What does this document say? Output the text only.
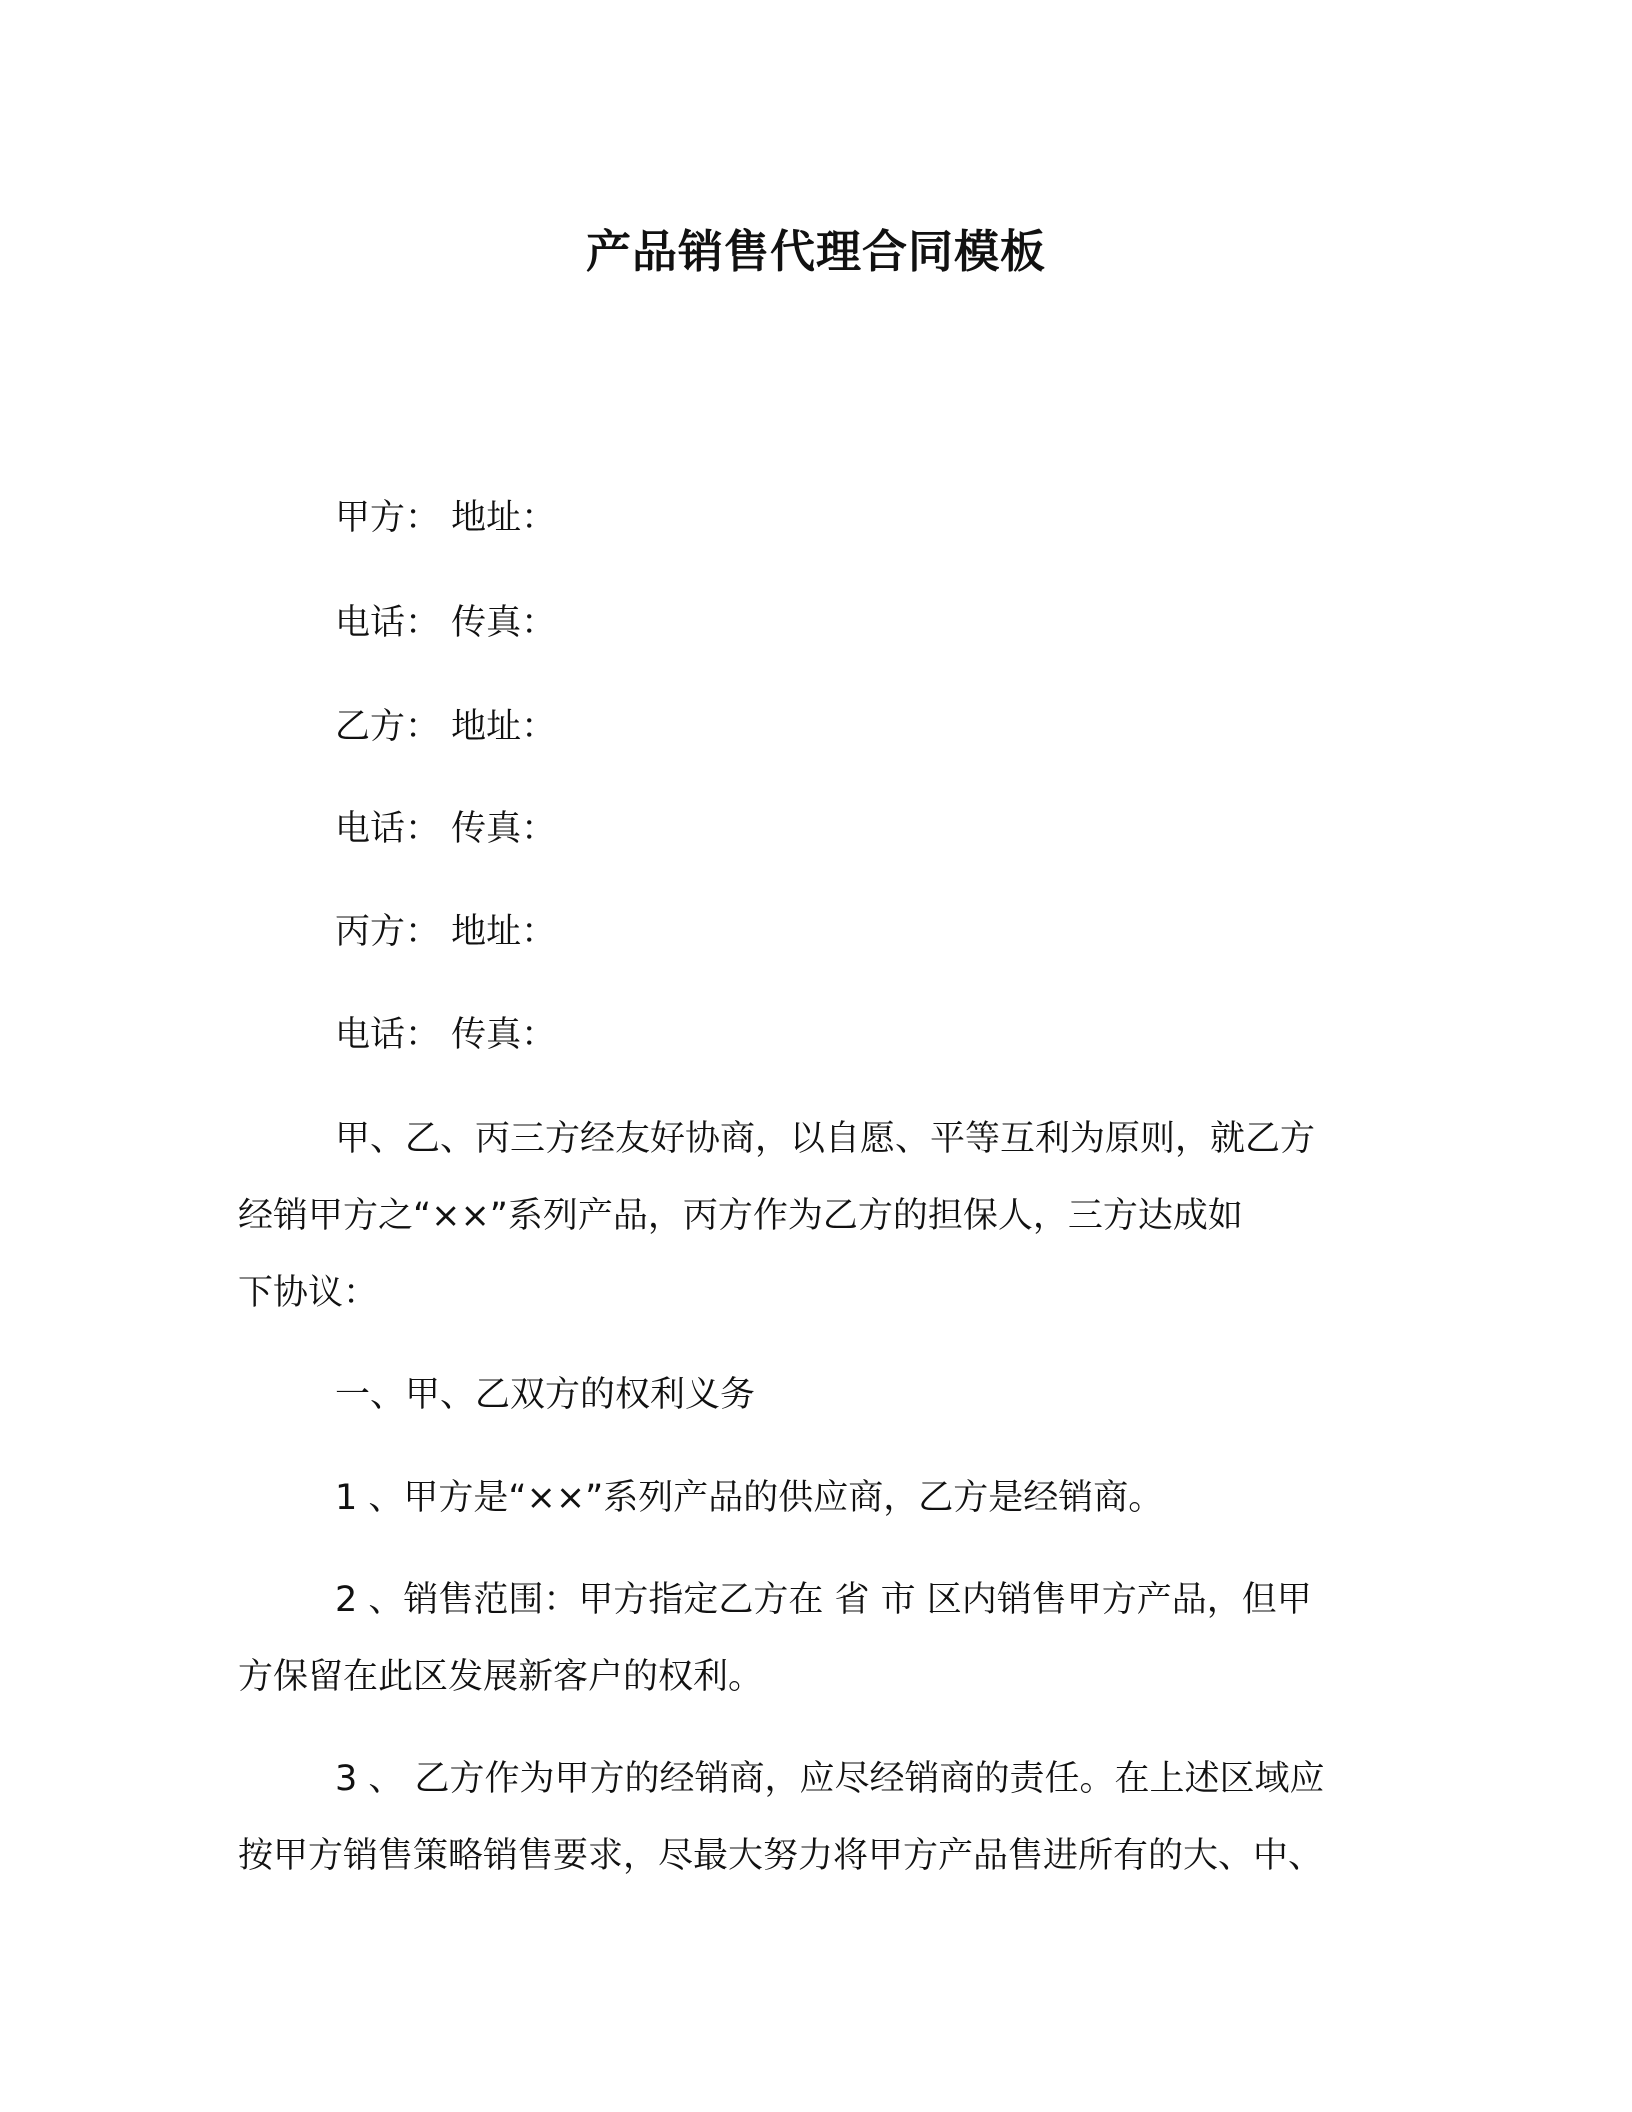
产品销售代理合同模板
甲方： 地址：
电话： 传真：
乙方： 地址：
电话： 传真：
丙方： 地址：
电话： 传真：
甲、乙、丙三方经友好协商，以自愿、平等互利为原则，就乙方
经销甲方之“××”系列产品，丙方作为乙方的担保人，三方达成如
下协议：
一、甲、乙双方的权利义务
1 、甲方是“××”系列产品的供应商，乙方是经销商。
2 、销售范围：甲方指定乙方在 省 市 区内销售甲方产品，但甲
方保留在此区发展新客户的权利。
3 、 乙方作为甲方的经销商，应尽经销商的责任。在上述区域应
按甲方销售策略销售要求，尽最大努力将甲方产品售进所有的大、中、
